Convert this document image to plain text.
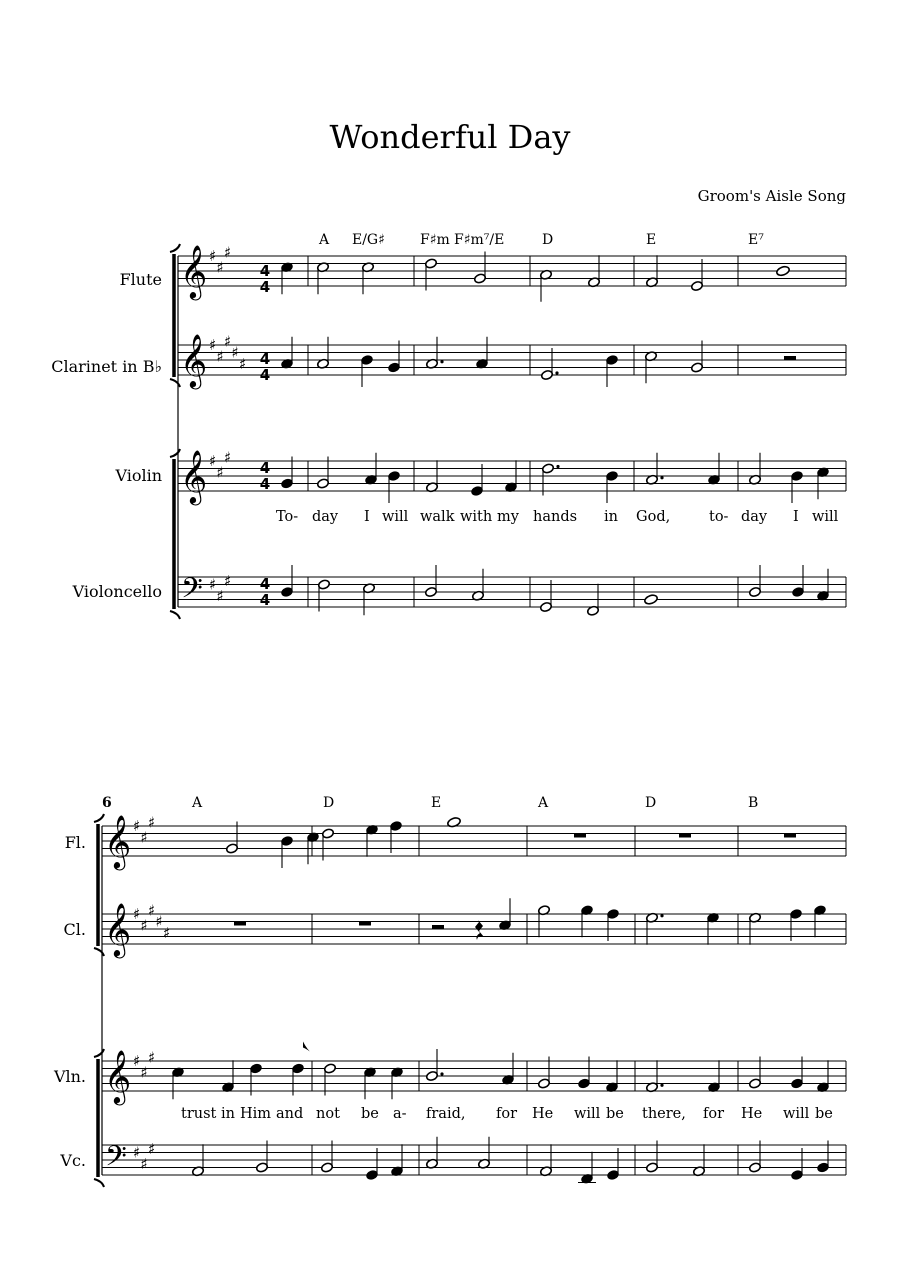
Wonderful Day
Groom's Aisle Song
Flute
Clarinet in B♭
Violin
Violoncello
Fl.
Cl.
Vln.
Vc.
6
A E/G♯	F♯m F♯m⁷/E	D	E	E⁷
A	D	E	A	D	B
To- day I will walk with my hands in God,	to- day I will
trust in Him and not be a- fraid, for He will be there, for He will be
4
4
4
4
4
4
4
4
𝄞 ♯
♯
♯
𝄞 ♯
♯
♯
♯
♯
𝄞 ♯
♯
♯
𝄢 ♯
♯
♯
𝄞 ♯
♯
♯
𝄞 ♯
♯
♯
♯
♯
𝄞 ♯
♯
♯
𝄢 ♯
♯
♯
